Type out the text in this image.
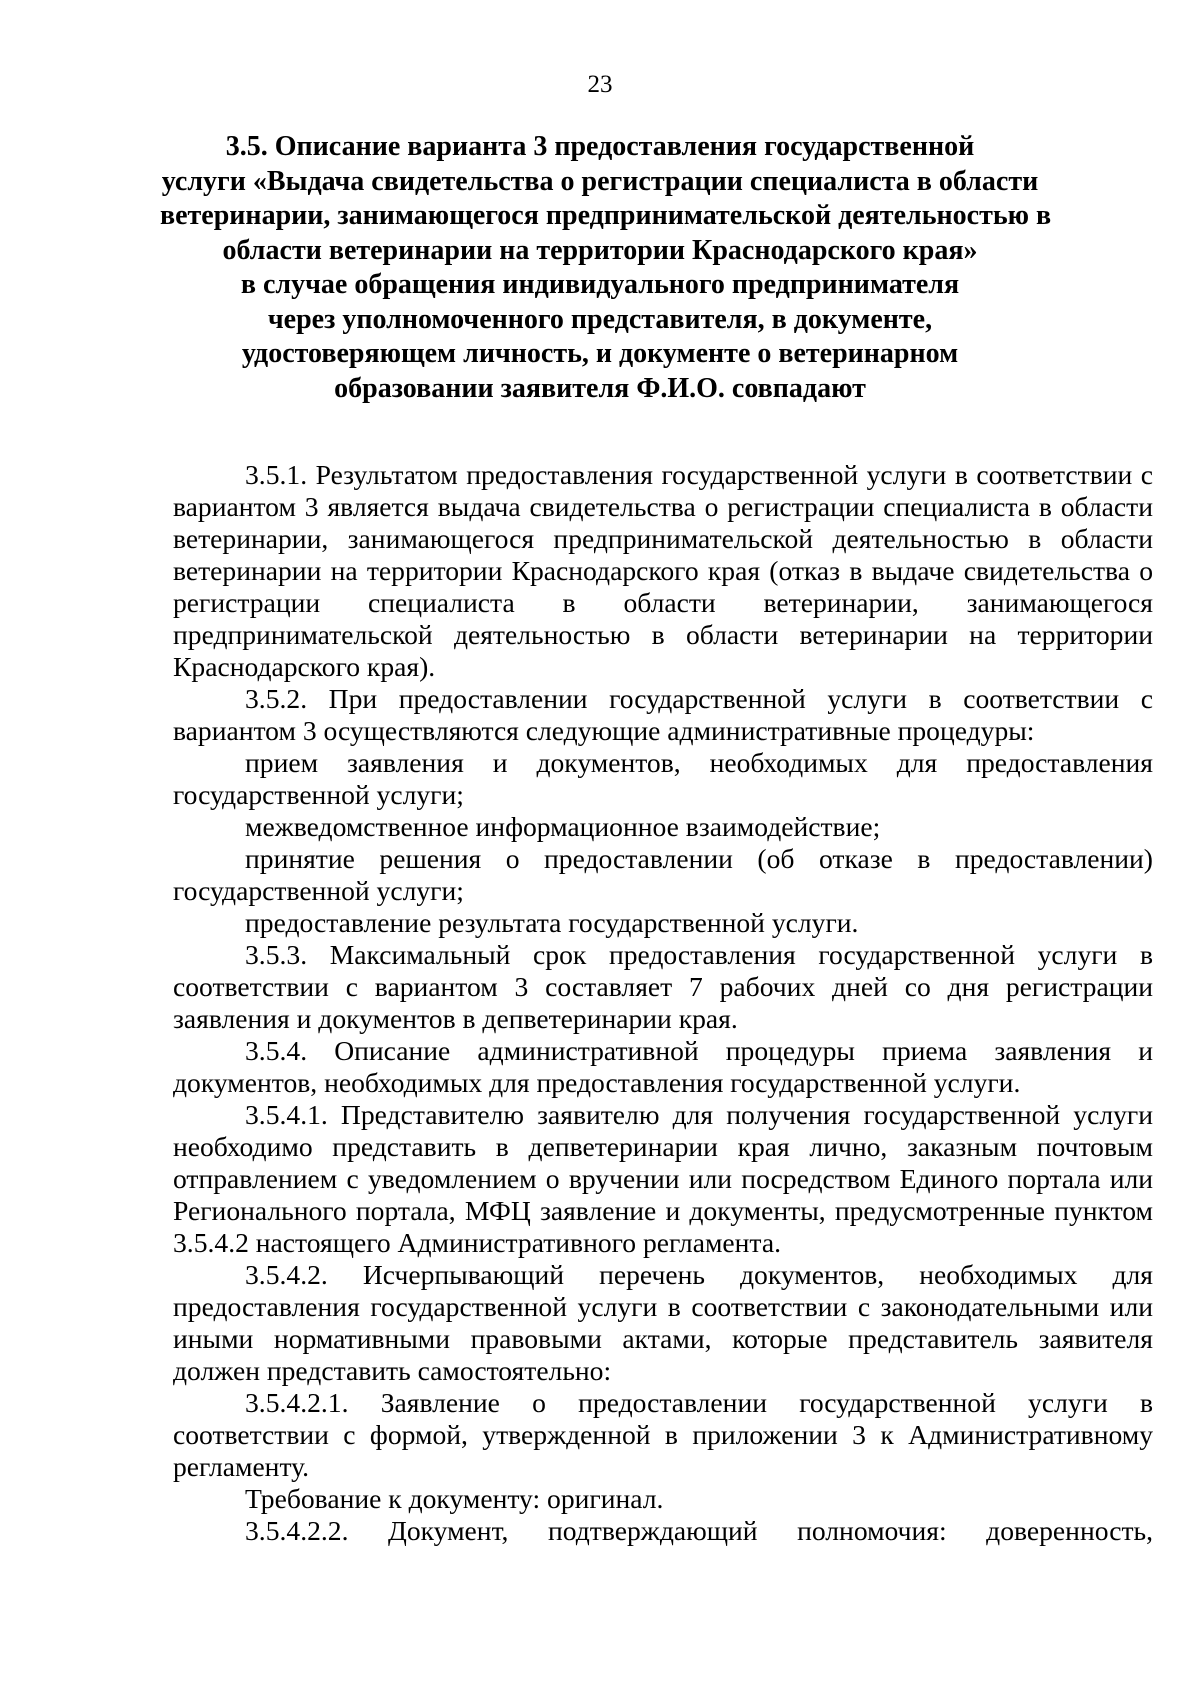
23
3.5. Описание варианта 3 предоставления государственной
услуги «Выдача свидетельства о регистрации специалиста в области
ветеринарии, занимающегося предпринимательской деятельностью в
области ветеринарии на территории Краснодарского края»
в случае обращения индивидуального предпринимателя
через уполномоченного представителя, в документе,
удостоверяющем личность, и документе о ветеринарном
образовании заявителя Ф.И.О. совпадают

3.5.1. Результатом предоставления государственной услуги в соответствии с вариантом 3 является выдача свидетельства о регистрации специалиста в области ветеринарии, занимающегося предпринимательской деятельностью в области ветеринарии на территории Краснодарского края (отказ в выдаче свидетельства о регистрации специалиста в области ветеринарии, занимающегося предпринимательской деятельностью в области ветеринарии на территории Краснодарского края).

3.5.2. При предоставлении государственной услуги в соответствии с вариантом 3 осуществляются следующие административные процедуры:

прием заявления и документов, необходимых для предоставления государственной услуги;

межведомственное информационное взаимодействие;

принятие решения о предоставлении (об отказе в предоставлении) государственной услуги;

предоставление результата государственной услуги.

3.5.3. Максимальный срок предоставления государственной услуги в соответствии с вариантом 3 составляет 7 рабочих дней со дня регистрации заявления и документов в депветеринарии края.

3.5.4. Описание административной процедуры приема заявления и документов, необходимых для предоставления государственной услуги.

3.5.4.1. Представителю заявителю для получения государственной услуги необходимо представить в депветеринарии края лично, заказным почтовым отправлением с уведомлением о вручении или посредством Единого портала или Регионального портала, МФЦ заявление и документы, предусмотренные пунктом 3.5.4.2 настоящего Административного регламента.

3.5.4.2. Исчерпывающий перечень документов, необходимых для предоставления государственной услуги в соответствии с законодательными или иными нормативными правовыми актами, которые представитель заявителя должен представить самостоятельно:

3.5.4.2.1. Заявление о предоставлении государственной услуги в соответствии с формой, утвержденной в приложении 3 к Административному регламенту.

Требование к документу: оригинал.

3.5.4.2.2. Документ, подтверждающий полномочия: доверенность,
